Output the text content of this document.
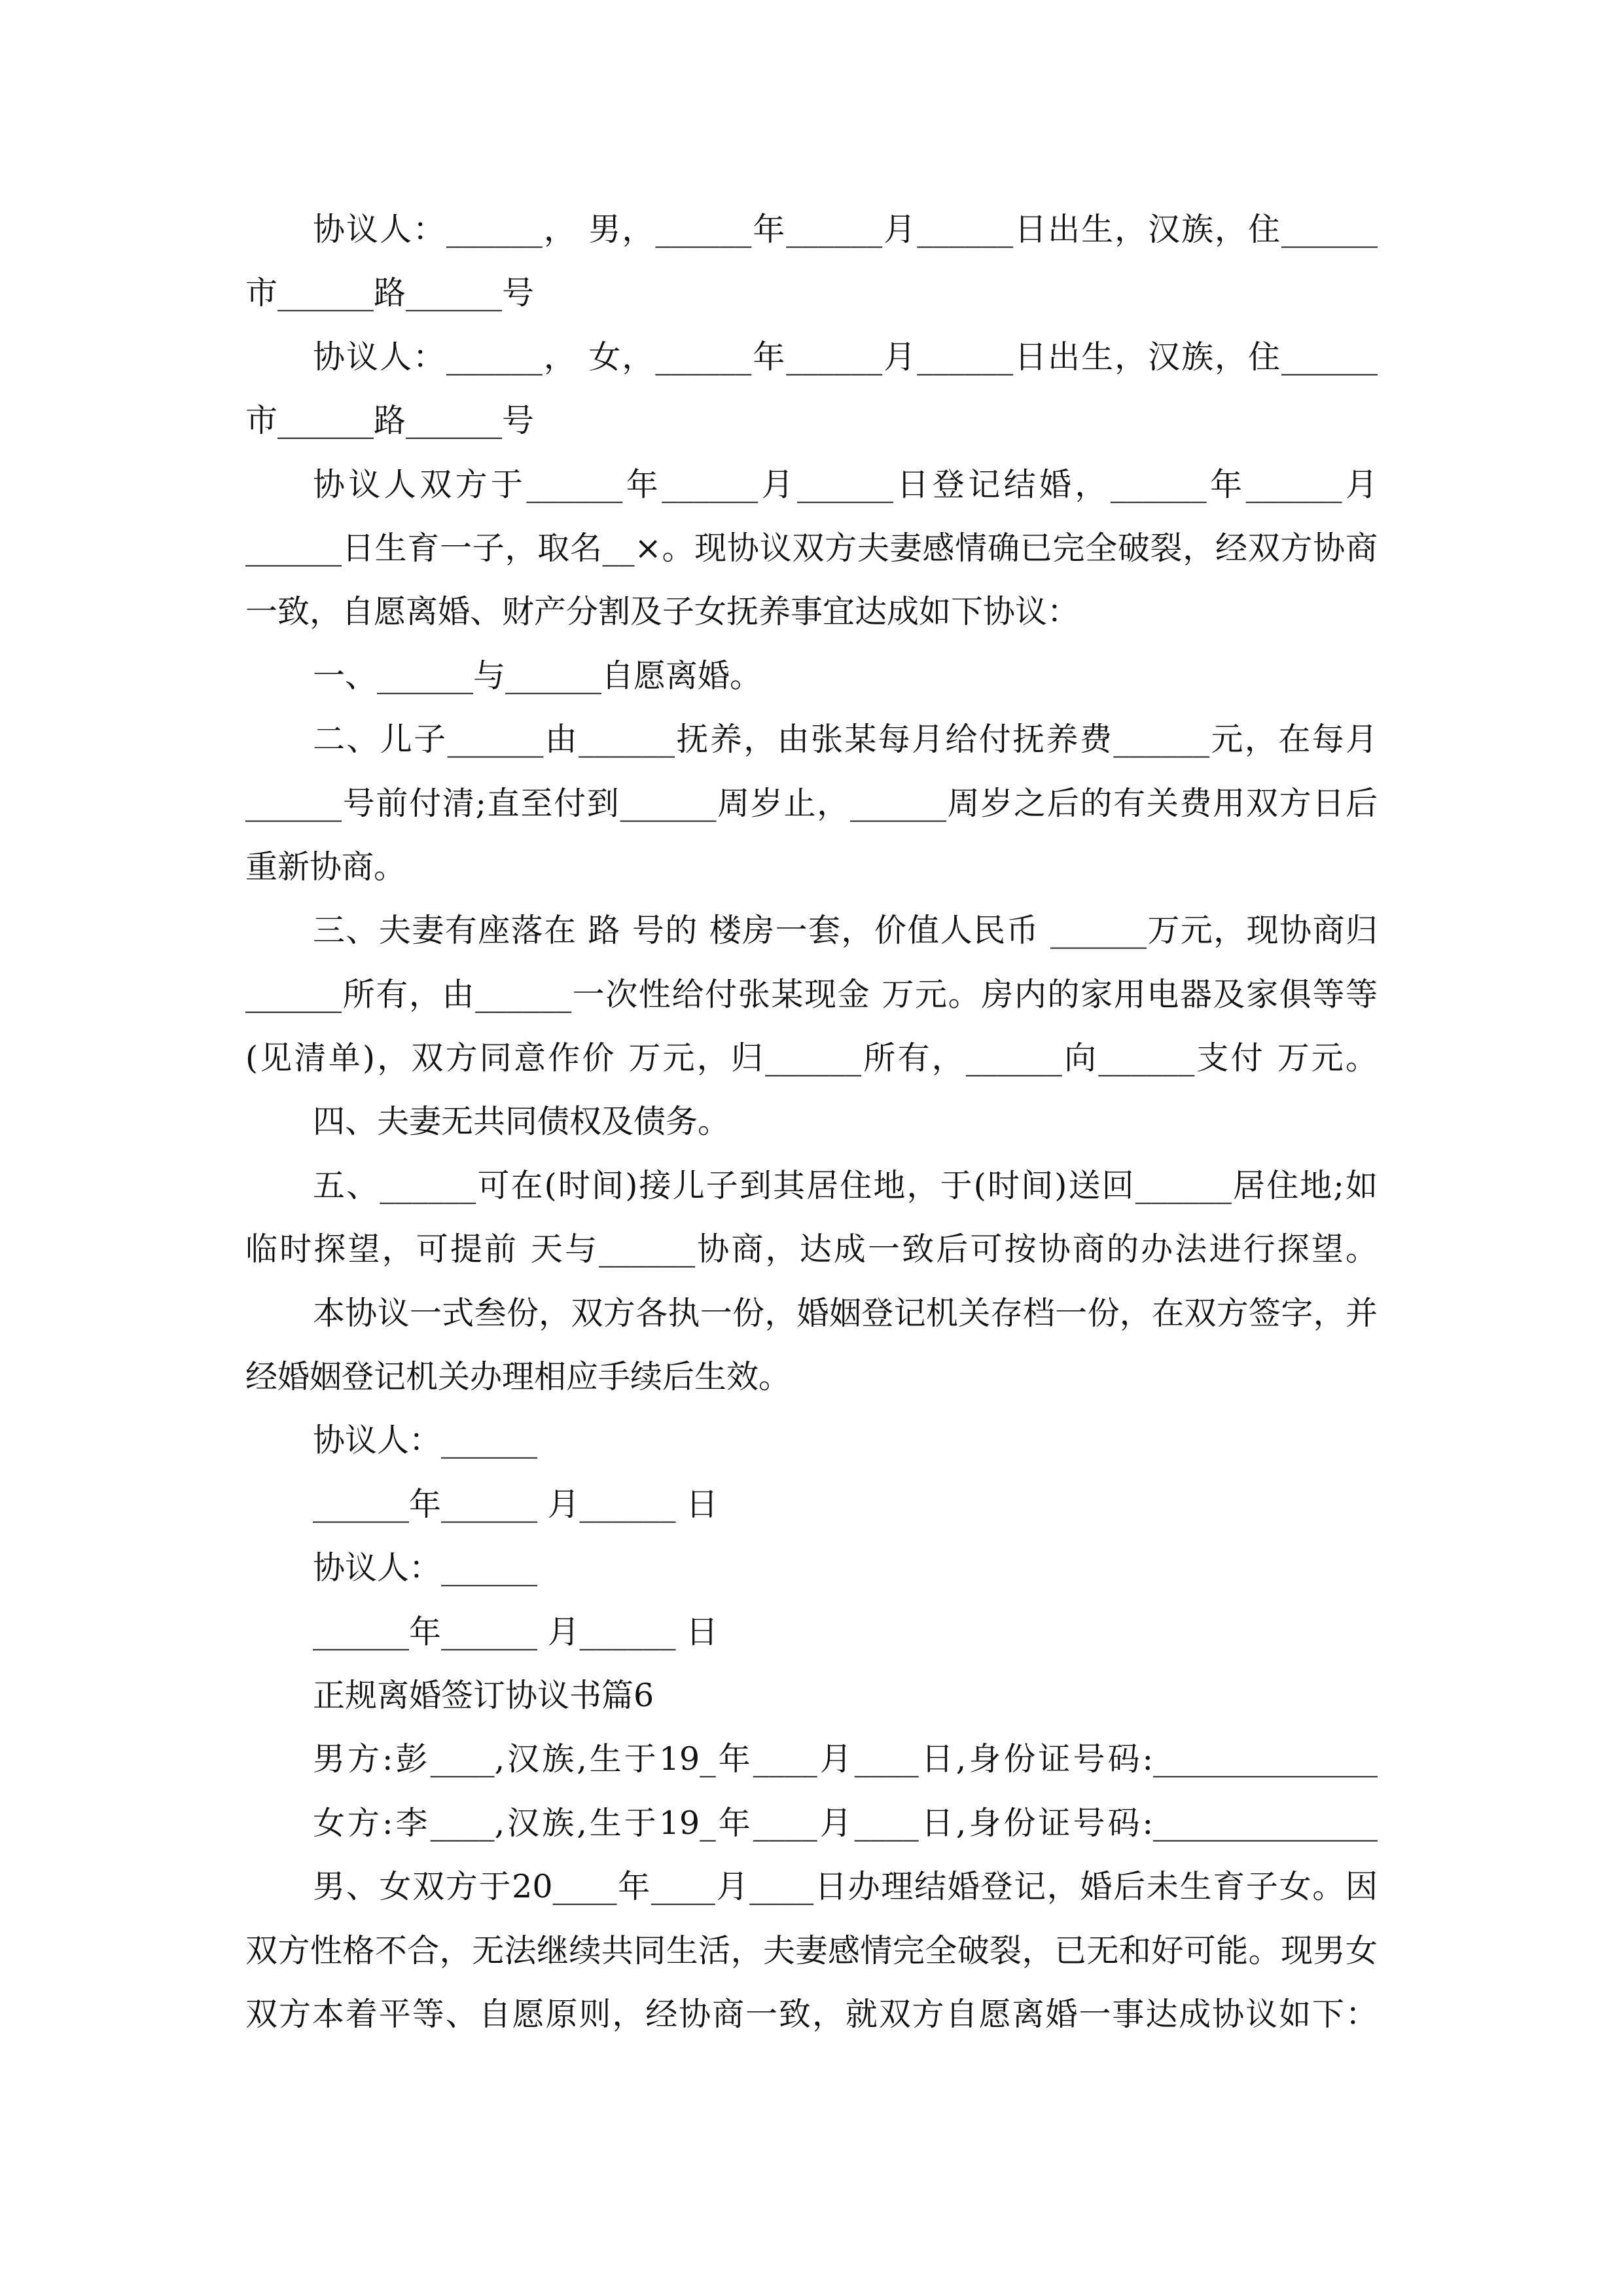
协议人：______， 男，______年______月______日出生，汉族，住______
市______路______号
协议人：______， 女，______年______月______日出生，汉族，住______
市______路______号
协议人双方于______年______月______日登记结婚，______年______月
______日生育一子，取名__×。现协议双方夫妻感情确已完全破裂，经双方协商
一致，自愿离婚、财产分割及子女抚养事宜达成如下协议：
一、______与______自愿离婚。
二、儿子______由______抚养，由张某每月给付抚养费______元，在每月
______号前付清;直至付到______周岁止，______周岁之后的有关费用双方日后
重新协商。
三、夫妻有座落在 路 号的 楼房一套，价值人民币 ______万元，现协商归
______所有，由______一次性给付张某现金 万元。房内的家用电器及家俱等等
(见清单)，双方同意作价 万元，归______所有，______向______支付 万元。
四、夫妻无共同债权及债务。
五、______可在(时间)接儿子到其居住地，于(时间)送回______居住地;如
临时探望，可提前 天与______协商，达成一致后可按协商的办法进行探望。
本协议一式叁份，双方各执一份，婚姻登记机关存档一份，在双方签字，并
经婚姻登记机关办理相应手续后生效。
协议人：______
______年______ 月______ 日
协议人：______
______年______ 月______ 日
正规离婚签订协议书篇6
男方:彭____,汉族,生于19_年____月____日,身份证号码:______________
女方:李____,汉族,生于19_年____月____日,身份证号码:______________
男、女双方于20____年____月____日办理结婚登记，婚后未生育子女。因
双方性格不合，无法继续共同生活，夫妻感情完全破裂，已无和好可能。现男女
双方本着平等、自愿原则，经协商一致，就双方自愿离婚一事达成协议如下：
